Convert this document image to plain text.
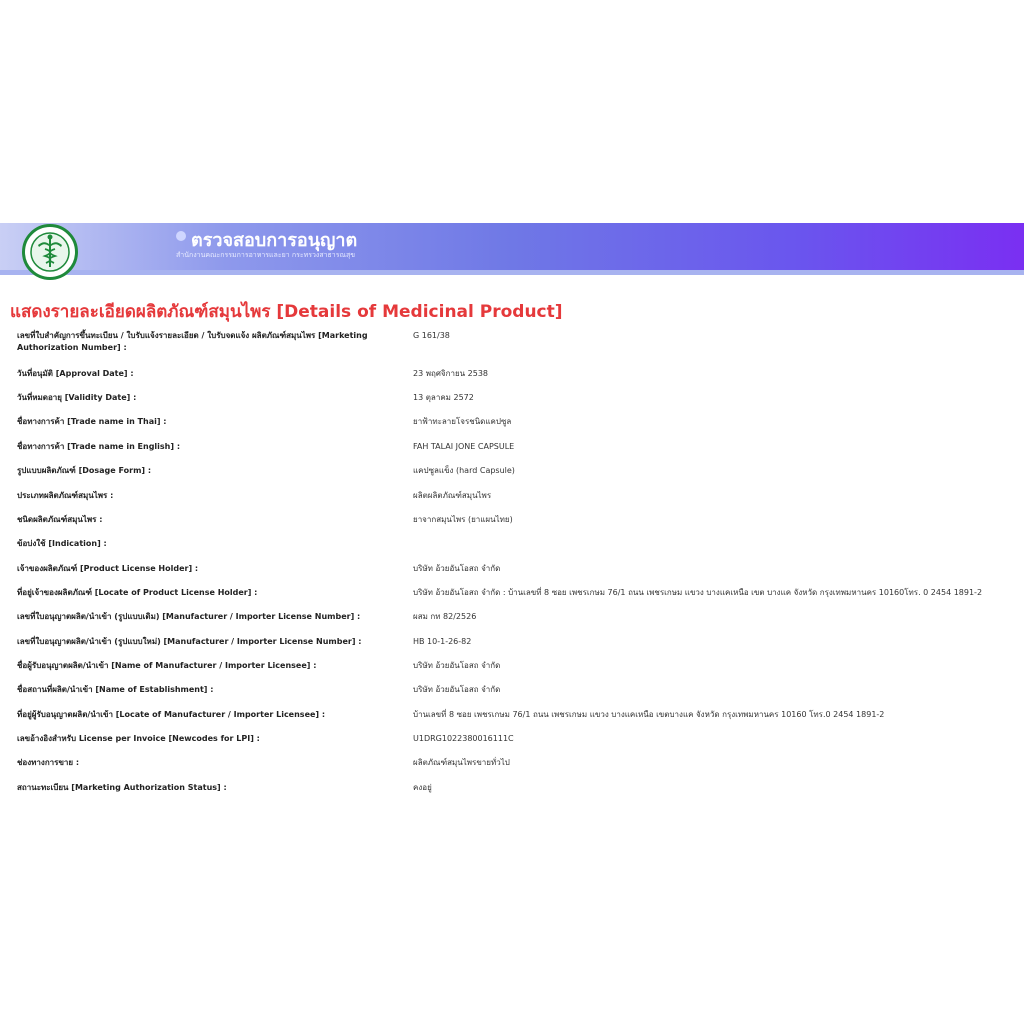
ตรวจสอบการอนุญาต
สำนักงานคณะกรรมการอาหารและยา กระทรวงสาธารณสุข
แสดงรายละเอียดผลิตภัณฑ์สมุนไพร [Details of Medicinal Product]
เลขที่ใบสำคัญการขึ้นทะเบียน / ใบรับแจ้งรายละเอียด / ใบรับจดแจ้ง ผลิตภัณฑ์สมุนไพร [Marketing Authorization Number] :
G 161/38
วันที่อนุมัติ [Approval Date] :	23 พฤศจิกายน 2538
วันที่หมดอายุ [Validity Date] :	13 ตุลาคม 2572
ชื่อทางการค้า [Trade name in Thai] :	ยาฟ้าทะลายโจรชนิดแคปซูล
ชื่อทางการค้า [Trade name in English] :	FAH TALAI JONE CAPSULE
รูปแบบผลิตภัณฑ์ [Dosage Form] :	แคปซูลแข็ง (hard Capsule)
ประเภทผลิตภัณฑ์สมุนไพร :	ผลิตผลิตภัณฑ์สมุนไพร
ชนิดผลิตภัณฑ์สมุนไพร :	ยาจากสมุนไพร (ยาแผนไทย)
ข้อบ่งใช้ [Indication] :
เจ้าของผลิตภัณฑ์ [Product License Holder] :	บริษัท อ้วยอันโอสถ จำกัด
ที่อยู่เจ้าของผลิตภัณฑ์ [Locate of Product License Holder] :	บริษัท อ้วยอันโอสถ จำกัด : บ้านเลขที่ 8 ซอย เพชรเกษม 76/1 ถนน เพชรเกษม แขวง บางแคเหนือ เขต บางแค จังหวัด กรุงเทพมหานคร 10160โทร. 0 2454 1891-2
เลขที่ใบอนุญาตผลิต/นำเข้า (รูปแบบเดิม) [Manufacturer / Importer License Number] :	ผสม กท 82/2526
เลขที่ใบอนุญาตผลิต/นำเข้า (รูปแบบใหม่) [Manufacturer / Importer License Number] :	HB 10-1-26-82
ชื่อผู้รับอนุญาตผลิต/นำเข้า [Name of Manufacturer / Importer Licensee] :	บริษัท อ้วยอันโอสถ จำกัด
ชื่อสถานที่ผลิต/นำเข้า [Name of Establishment] :	บริษัท อ้วยอันโอสถ จำกัด
ที่อยู่ผู้รับอนุญาตผลิต/นำเข้า [Locate of Manufacturer / Importer Licensee] :	บ้านเลขที่ 8 ซอย เพชรเกษม 76/1 ถนน เพชรเกษม แขวง บางแคเหนือ เขตบางแค จังหวัด กรุงเทพมหานคร 10160 โทร.0 2454 1891-2
เลขอ้างอิงสำหรับ License per Invoice [Newcodes for LPI] :	U1DRG1022380016111C
ช่องทางการขาย :	ผลิตภัณฑ์สมุนไพรขายทั่วไป
สถานะทะเบียน [Marketing Authorization Status] :	คงอยู่
